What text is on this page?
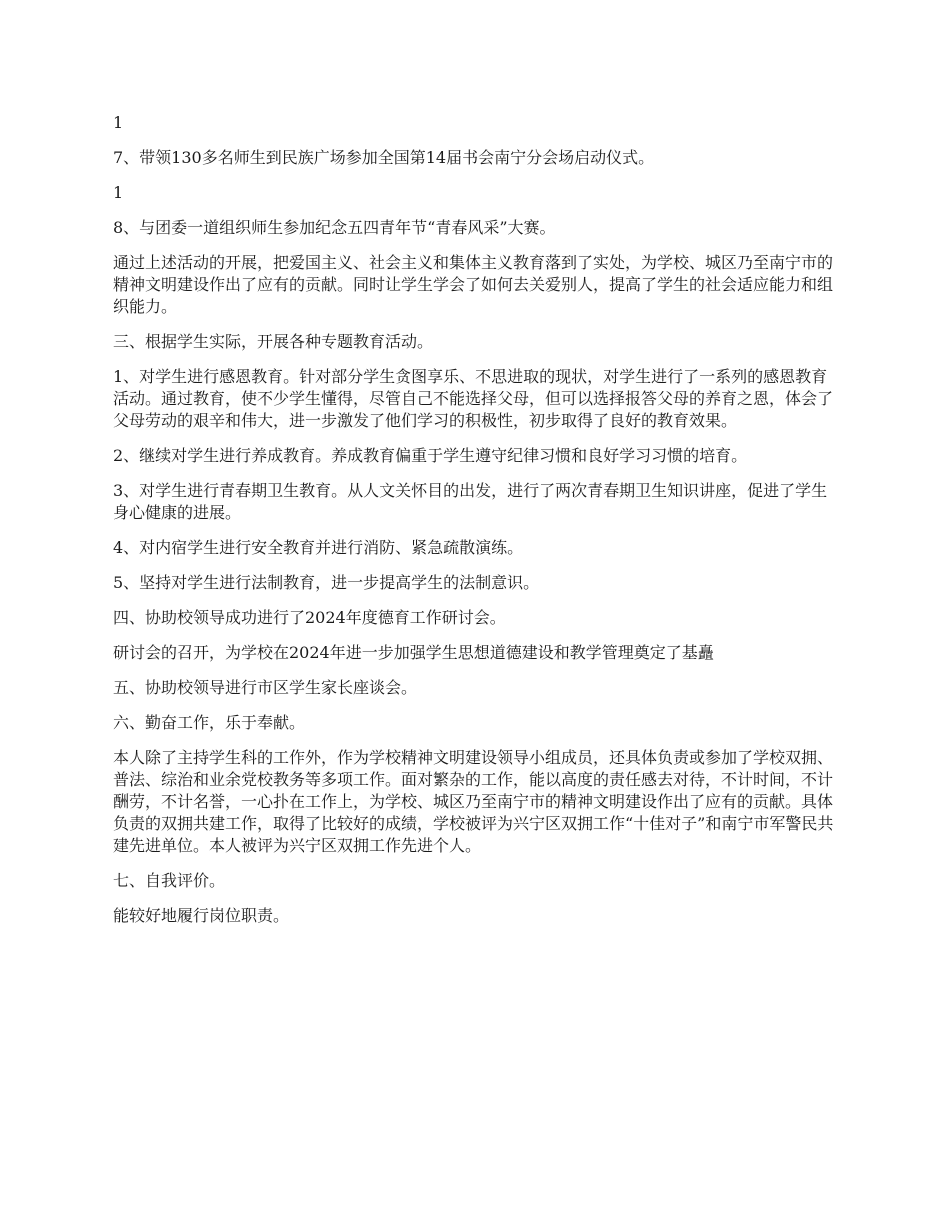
1

7、带领130多名师生到民族广场参加全国第14届书会南宁分会场启动仪式。

1

8、与团委一道组织师生参加纪念五四青年节“青春风采”大赛。

通过上述活动的开展，把爱国主义、社会主义和集体主义教育落到了实处，为学校、城区乃至南宁市的精神文明建设作出了应有的贡献。同时让学生学会了如何去关爱别人，提高了学生的社会适应能力和组织能力。

三、根据学生实际，开展各种专题教育活动。

1、对学生进行感恩教育。针对部分学生贪图享乐、不思进取的现状，对学生进行了一系列的感恩教育活动。通过教育，使不少学生懂得，尽管自己不能选择父母，但可以选择报答父母的养育之恩，体会了父母劳动的艰辛和伟大，进一步激发了他们学习的积极性，初步取得了良好的教育效果。

2、继续对学生进行养成教育。养成教育偏重于学生遵守纪律习惯和良好学习习惯的培育。

3、对学生进行青春期卫生教育。从人文关怀目的出发，进行了两次青春期卫生知识讲座，促进了学生身心健康的进展。

4、对内宿学生进行安全教育并进行消防、紧急疏散演练。

5、坚持对学生进行法制教育，进一步提高学生的法制意识。

四、协助校领导成功进行了2024年度德育工作研讨会。

研讨会的召开，为学校在2024年进一步加强学生思想道德建设和教学管理奠定了基矗

五、协助校领导进行市区学生家长座谈会。

六、勤奋工作，乐于奉献。

本人除了主持学生科的工作外，作为学校精神文明建设领导小组成员，还具体负责或参加了学校双拥、普法、综治和业余党校教务等多项工作。面对繁杂的工作，能以高度的责任感去对待，不计时间，不计酬劳，不计名誉，一心扑在工作上，为学校、城区乃至南宁市的精神文明建设作出了应有的贡献。具体负责的双拥共建工作，取得了比较好的成绩，学校被评为兴宁区双拥工作“十佳对子”和南宁市军警民共建先进单位。本人被评为兴宁区双拥工作先进个人。

七、自我评价。

能较好地履行岗位职责。
